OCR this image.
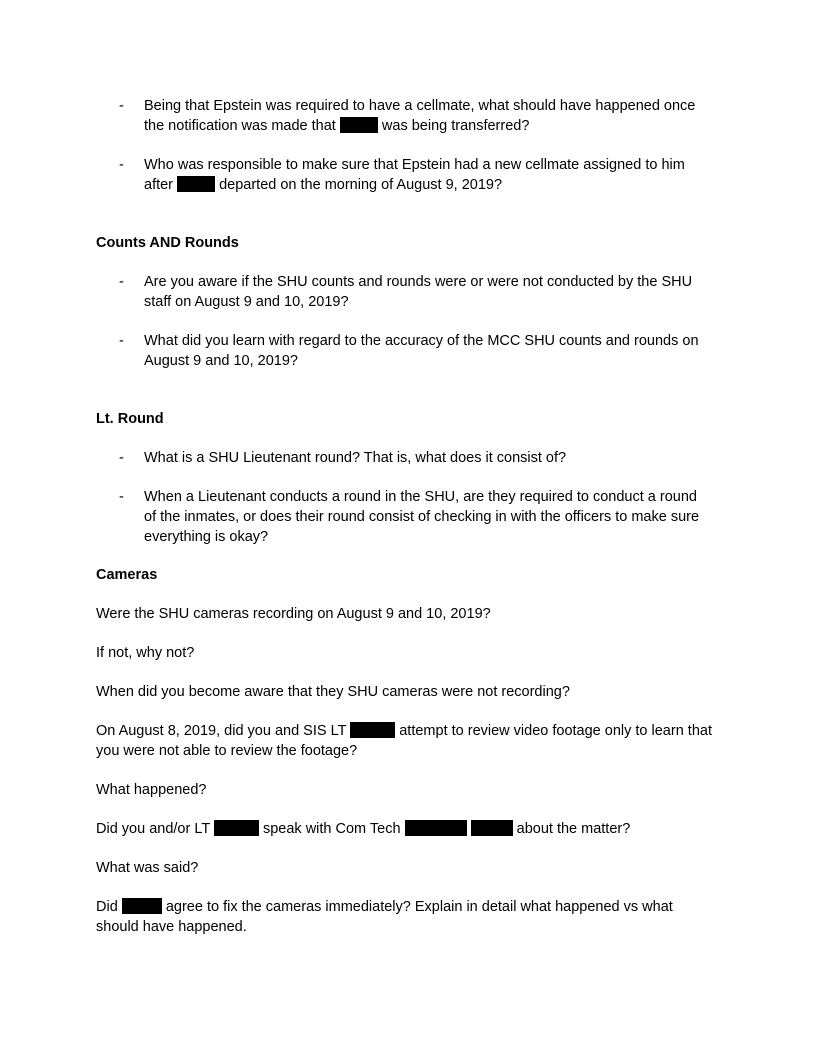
- Being that Epstein was required to have a cellmate, what should have happened once
the notification was made that	was being transferred?
- Who was responsible to make sure that Epstein had a new cellmate assigned to him
after	departed on the morning of August 9, 2019?
Counts AND Rounds
- Are you aware if the SHU counts and rounds were or were not conducted by the SHU
staff on August 9 and 10, 2019?
- What did you learn with regard to the accuracy of the MCC SHU counts and rounds on
August 9 and 10, 2019?
Lt. Round
- What is a SHU Lieutenant round? That is, what does it consist of?
- When a Lieutenant conducts a round in the SHU, are they required to conduct a round
of the inmates, or does their round consist of checking in with the officers to make sure
everything is okay?
Cameras
Were the SHU cameras recording on August 9 and 10, 2019?
If not, why not?
When did you become aware that they SHU cameras were not recording?
On August 8, 2019, did you and SIS LT	attempt to review video footage only to learn that
you were not able to review the footage?
What happened?
Did you and/or LT	speak with Com Tech	about the matter?
What was said?
Did	agree to fix the cameras immediately? Explain in detail what happened vs what
should have happened.
